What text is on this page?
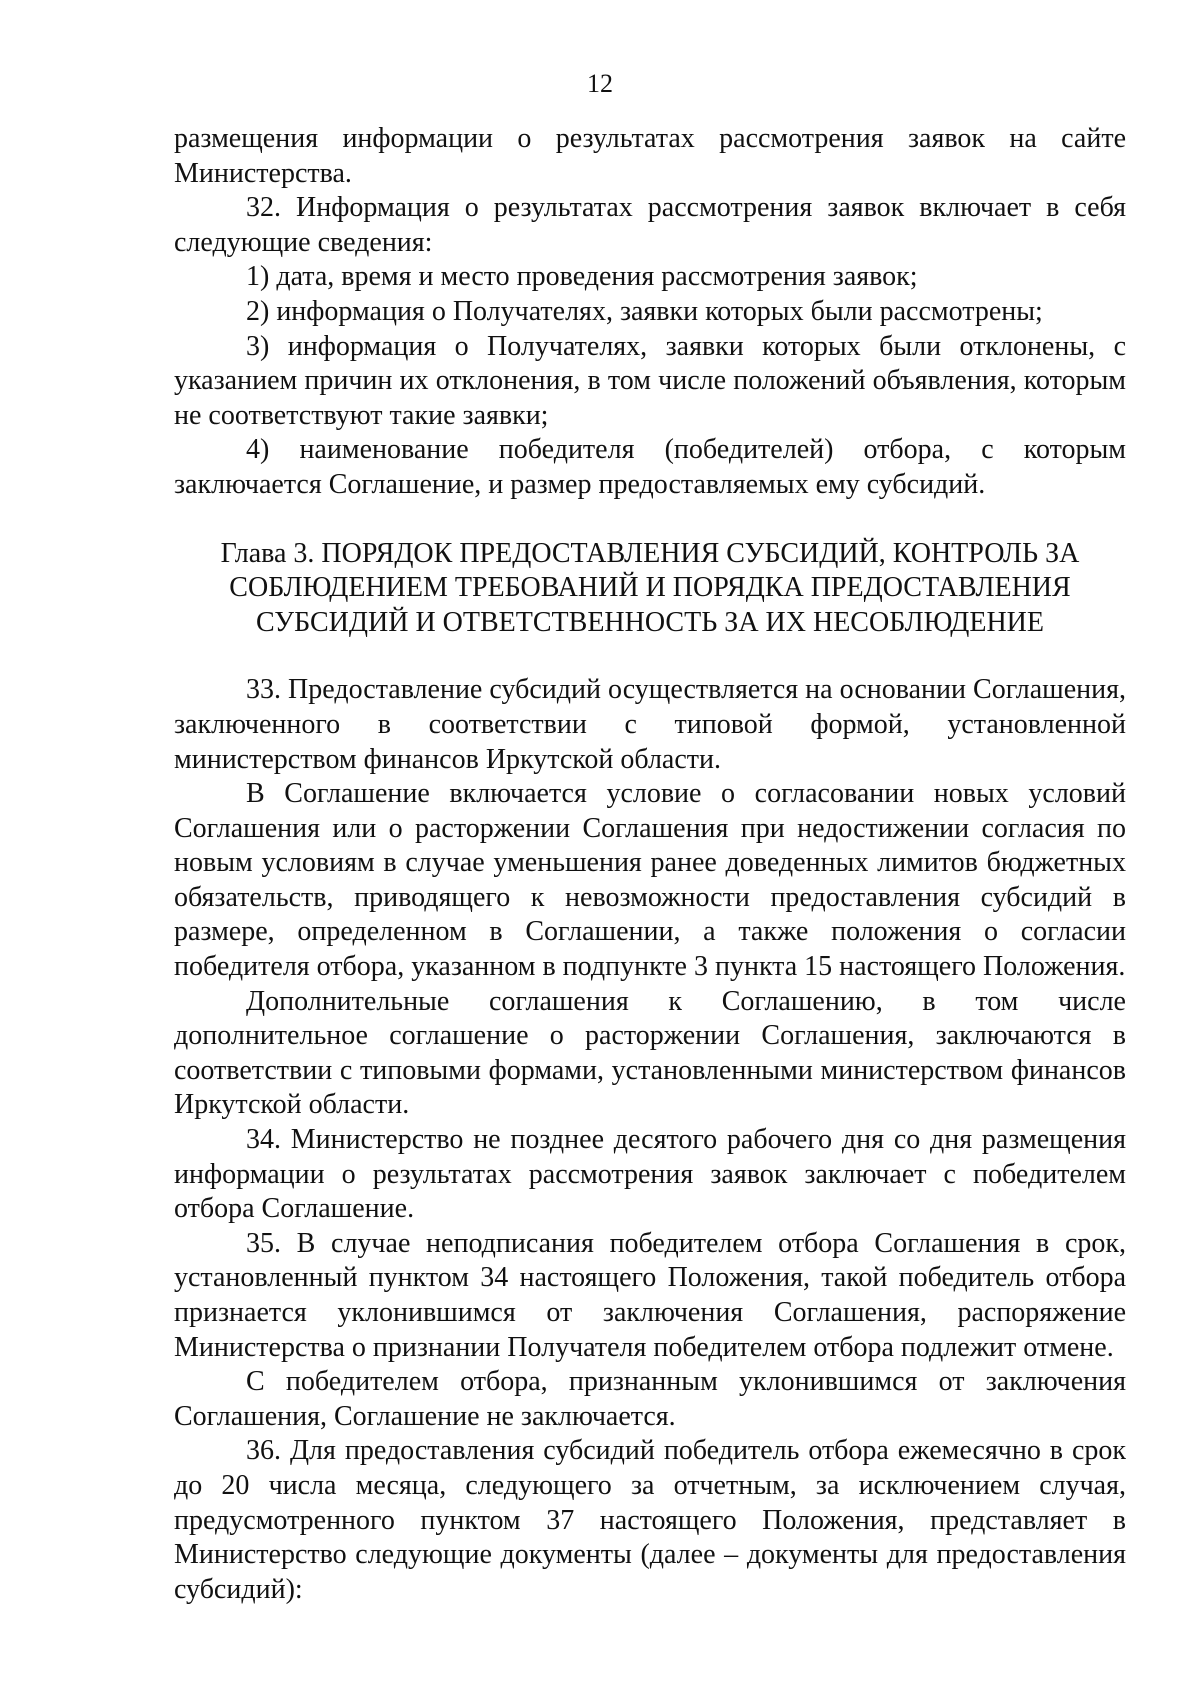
12

размещения информации о результатах рассмотрения заявок на сайте Министерства.

32. Информация о результатах рассмотрения заявок включает в себя следующие сведения:

1) дата, время и место проведения рассмотрения заявок;

2) информация о Получателях, заявки которых были рассмотрены;

3) информация о Получателях, заявки которых были отклонены, с указанием причин их отклонения, в том числе положений объявления, которым не соответствуют такие заявки;

4) наименование победителя (победителей) отбора, с которым заключается Соглашение, и размер предоставляемых ему субсидий.

Глава 3. ПОРЯДОК ПРЕДОСТАВЛЕНИЯ СУБСИДИЙ, КОНТРОЛЬ ЗА
СОБЛЮДЕНИЕМ ТРЕБОВАНИЙ И ПОРЯДКА ПРЕДОСТАВЛЕНИЯ
СУБСИДИЙ И ОТВЕТСТВЕННОСТЬ ЗА ИХ НЕСОБЛЮДЕНИЕ

33. Предоставление субсидий осуществляется на основании Соглашения, заключенного в соответствии с типовой формой, установленной министерством финансов Иркутской области.

В Соглашение включается условие о согласовании новых условий Соглашения или о расторжении Соглашения при недостижении согласия по новым условиям в случае уменьшения ранее доведенных лимитов бюджетных обязательств, приводящего к невозможности предоставления субсидий в размере, определенном в Соглашении, а также положения о согласии победителя отбора, указанном в подпункте 3 пункта 15 настоящего Положения.

Дополнительные соглашения к Соглашению, в том числе дополнительное соглашение о расторжении Соглашения, заключаются в соответствии с типовыми формами, установленными министерством финансов Иркутской области.

34. Министерство не позднее десятого рабочего дня со дня размещения информации о результатах рассмотрения заявок заключает с победителем отбора Соглашение.

35. В случае неподписания победителем отбора Соглашения в срок, установленный пунктом 34 настоящего Положения, такой победитель отбора признается уклонившимся от заключения Соглашения, распоряжение Министерства о признании Получателя победителем отбора подлежит отмене.

С победителем отбора, признанным уклонившимся от заключения Соглашения, Соглашение не заключается.

36. Для предоставления субсидий победитель отбора ежемесячно в срок до 20 числа месяца, следующего за отчетным, за исключением случая, предусмотренного пунктом 37 настоящего Положения, представляет в Министерство следующие документы (далее – документы для предоставления субсидий):
